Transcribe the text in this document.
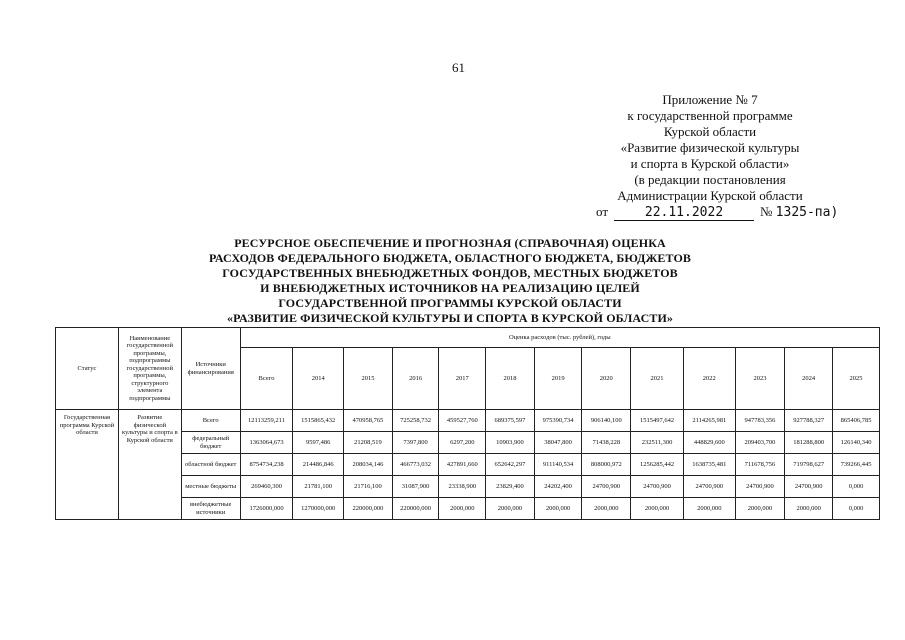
61
Приложение № 7
к государственной программе
Курской области
«Развитие физической культуры
и спорта в Курской области»
(в редакции постановления
Администрации Курской области
от	22.11.2022	№ 1325-па)
РЕСУРСНОЕ ОБЕСПЕЧЕНИЕ И ПРОГНОЗНАЯ (СПРАВОЧНАЯ) ОЦЕНКА
РАСХОДОВ ФЕДЕРАЛЬНОГО БЮДЖЕТА, ОБЛАСТНОГО БЮДЖЕТА, БЮДЖЕТОВ
ГОСУДАРСТВЕННЫХ ВНЕБЮДЖЕТНЫХ ФОНДОВ, МЕСТНЫХ БЮДЖЕТОВ
И ВНЕБЮДЖЕТНЫХ ИСТОЧНИКОВ НА РЕАЛИЗАЦИЮ ЦЕЛЕЙ
ГОСУДАРСТВЕННОЙ ПРОГРАММЫ КУРСКОЙ ОБЛАСТИ
«РАЗВИТИЕ ФИЗИЧЕСКОЙ КУЛЬТУРЫ И СПОРТА В КУРСКОЙ ОБЛАСТИ»
Статус	Наименование государственной программы, подпрограммы государственной программы, структурного элемента подпрограммы	Источники финансирования	Оценка расходов (тыс. рублей), годы												
			Всего	2014	2015	2016	2017	2018	2019	2020	2021	2022	2023	2024	2025
Государственная программа Курской области	Развитие физической культуры и спорта в Курской области	Всего	12113259,211	1515865,432	470958,765	725258,732	459527,760	689375,597	975390,734	906140,100	1515497,642	2114265,981	947783,356	927788,327	865406,785
		федеральный бюджет	1363064,673	9597,486	21208,519	7397,800	6297,200	10903,900	38047,800	71438,228	232511,300	448829,600	209403,700	181288,800	126140,340
		областной бюджет	8754734,238	214486,846	208034,146	466773,032	427891,660	652642,297	911140,534	808000,972	1256285,442	1638735,481	711678,756	719798,627	739266,445
		местные бюджеты	269460,300	21781,100	21716,100	31087,900	23338,900	23829,400	24202,400	24700,900	24700,900	24700,900	24700,900	24700,900	0,000
		внебюджетные источники	1726000,000	1270000,000	220000,000	220000,000	2000,000	2000,000	2000,000	2000,000	2000,000	2000,000	2000,000	2000,000	0,000
